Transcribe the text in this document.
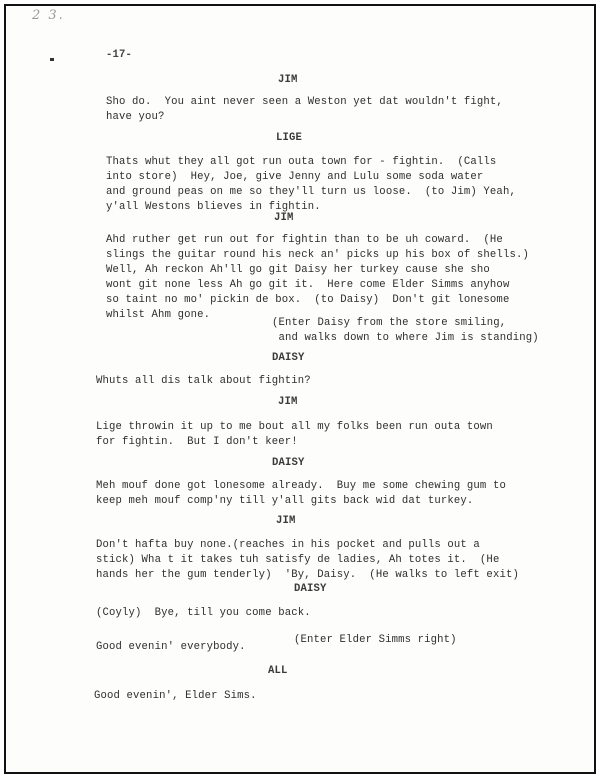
2 3.

-17-

JIM

Sho do.  You aint never seen a Weston yet dat wouldn't fight,

have you?

LIGE

Thats whut they all got run outa town for - fightin.  (Calls

into store)  Hey, Joe, give Jenny and Lulu some soda water

and ground peas on me so they'll turn us loose.  (to Jim) Yeah,

y'all Westons blieves in fightin.

JIM

Ahd ruther get run out for fightin than to be uh coward.  (He

slings the guitar round his neck an' picks up his box of shells.)

Well, Ah reckon Ah'll go git Daisy her turkey cause she sho

wont git none less Ah go git it.  Here come Elder Simms anyhow

so taint no mo' pickin de box.  (to Daisy)  Don't git lonesome

whilst Ahm gone.

(Enter Daisy from the store smiling,

and walks down to where Jim is standing)

DAISY

Whuts all dis talk about fightin?

JIM

Lige throwin it up to me bout all my folks been run outa town

for fightin.  But I don't keer!

DAISY

Meh mouf done got lonesome already.  Buy me some chewing gum to

keep meh mouf comp'ny till y'all gits back wid dat turkey.

JIM

Don't hafta buy none.(reaches in his pocket and pulls out a

stick) Wha t it takes tuh satisfy de ladies, Ah totes it.  (He

hands her the gum tenderly)  'By, Daisy.  (He walks to left exit)

DAISY

(Coyly)  Bye, till you come back.

(Enter Elder Simms right)

Good evenin' everybody.

ALL

Good evenin', Elder Sims.
